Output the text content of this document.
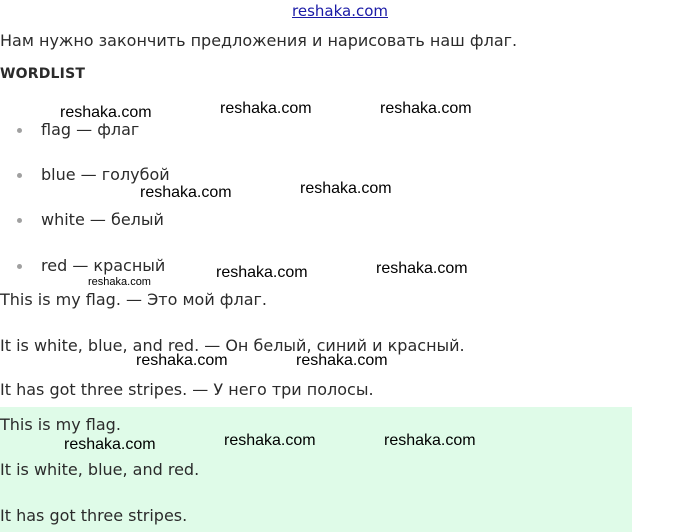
reshaka.com
Нам нужно закончить предложения и нарисовать наш флаг.
WORDLIST
flag — флаг
blue — голубой
white — белый
red — красный
This is my flag. — Это мой флаг.
It is white, blue, and red. — Он белый, синий и красный.
It has got three stripes. — У него три полосы.
This is my flag.
It is white, blue, and red.
It has got three stripes.
reshaka.com	reshaka.com	reshaka.com
reshaka.com	reshaka.com
reshaka.com	reshaka.com
reshaka.com
reshaka.com	reshaka.com
reshaka.com	reshaka.com	reshaka.com
